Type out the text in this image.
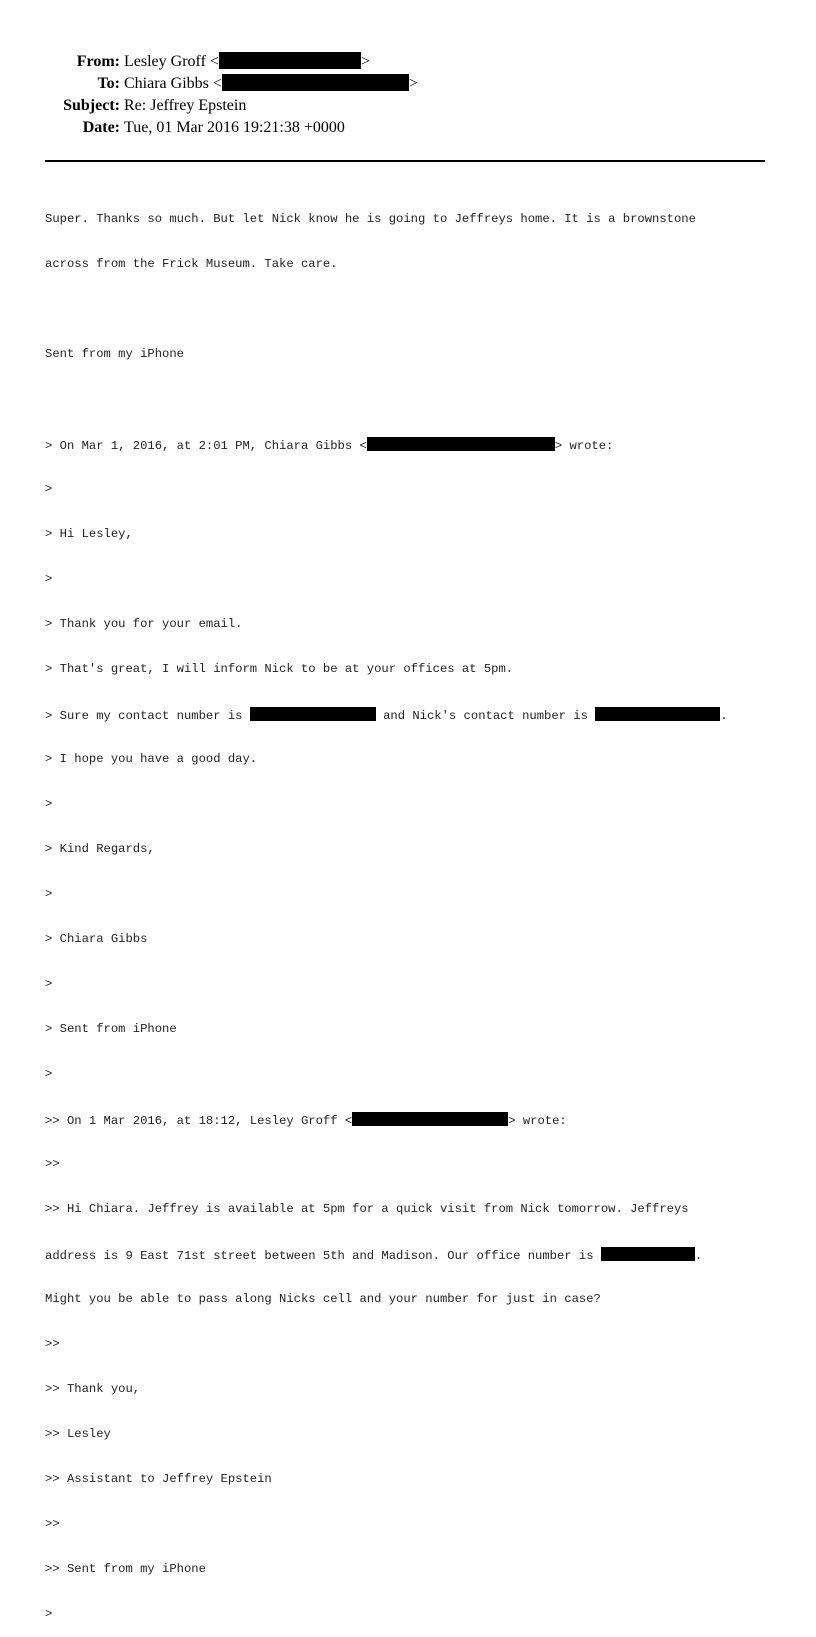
From: Lesley Groff <	>
To: Chiara Gibbs <	>
Subject: Re: Jeffrey Epstein
Date: Tue, 01 Mar 2016 19:21:38 +0000

Super. Thanks so much. But let Nick know he is going to Jeffreys home. It is a brownstone

across from the Frick Museum. Take care.

Sent from my iPhone

> On Mar 1, 2016, at 2:01 PM, Chiara Gibbs <	> wrote:

>

> Hi Lesley,

>

> Thank you for your email.

> That's great, I will inform Nick to be at your offices at 5pm.

> Sure my contact number is	and Nick's contact number is	.

> I hope you have a good day.

>

> Kind Regards,

>

> Chiara Gibbs

>

> Sent from iPhone

>

>> On 1 Mar 2016, at 18:12, Lesley Groff <	> wrote:

>>

>> Hi Chiara. Jeffrey is available at 5pm for a quick visit from Nick tomorrow. Jeffreys

address is 9 East 71st street between 5th and Madison. Our office number is	.

Might you be able to pass along Nicks cell and your number for just in case?

>>

>> Thank you,

>> Lesley

>> Assistant to Jeffrey Epstein

>>

>> Sent from my iPhone

>
